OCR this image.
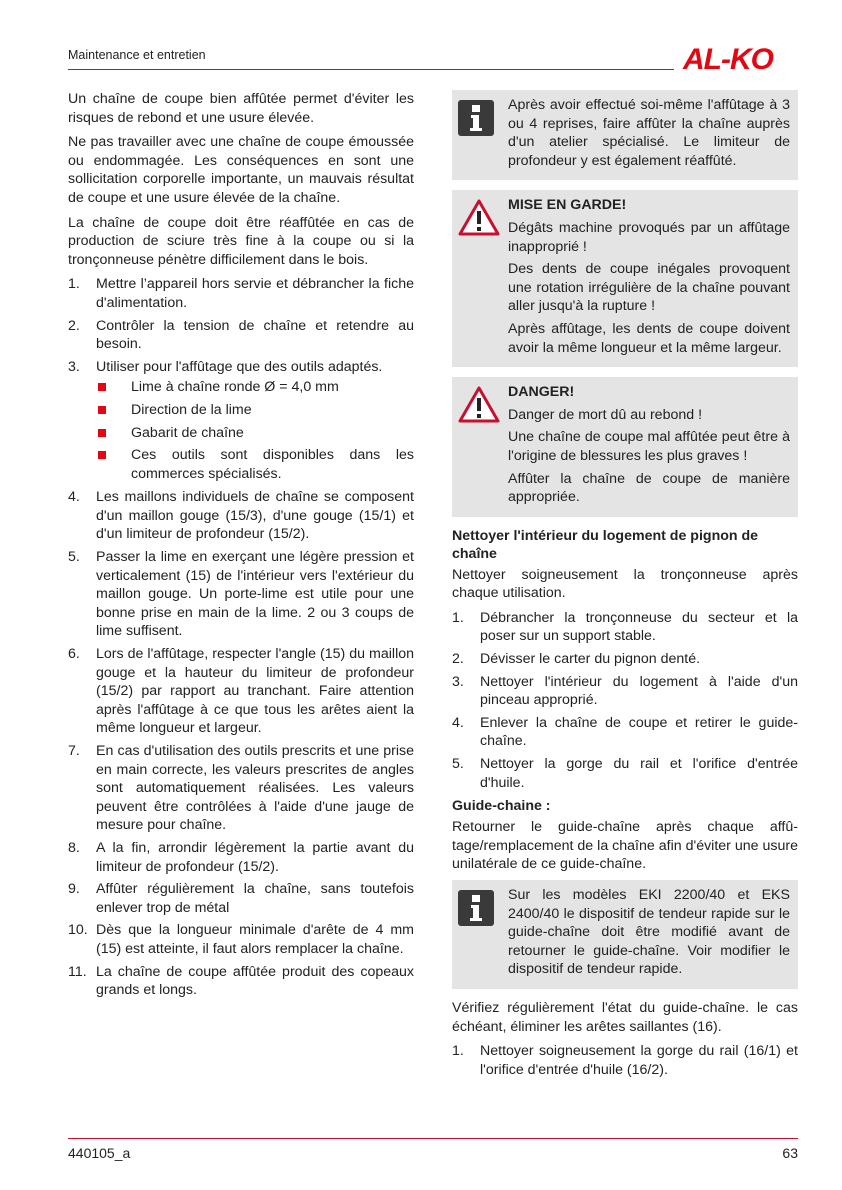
Maintenance et entretien	AL-KO

Un chaîne de coupe bien affûtée permet d'éviter les risques de rebond et une usure élevée.

Ne pas travailler avec une chaîne de coupe émoussée ou endommagée. Les conséquences en sont une sollicitation corporelle importante, un mauvais résultat de coupe et une usure élevée de la chaîne.

La chaîne de coupe doit être réaffûtée en cas de production de sciure très fine à la coupe ou si la tronçonneuse pénètre difficilement dans le bois.

1. Mettre l’appareil hors servie et débrancher la fiche d'alimentation.
2. Contrôler la tension de chaîne et retendre au besoin.
3. Utiliser pour l'affûtage que des outils adaptés.
Lime à chaîne ronde Ø = 4,0 mm
Direction de la lime
Gabarit de chaîne
Ces outils sont disponibles dans les commerces spécialisés.
4. Les maillons individuels de chaîne se composent d'un maillon gouge (15/3), d'une gouge (15/1) et d'un limiteur de profondeur (15/2).
5. Passer la lime en exerçant une légère pression et verticalement (15) de l'intérieur vers l'extérieur du maillon gouge. Un porte-lime est utile pour une bonne prise en main de la lime. 2 ou 3 coups de lime suffisent.
6. Lors de l'affûtage, respecter l'angle (15) du maillon gouge et la hauteur du limiteur de profondeur (15/2) par rapport au tranchant. Faire attention après l'affûtage à ce que tous les arêtes aient la même longueur et largeur.
7. En cas d'utilisation des outils prescrits et une prise en main correcte, les valeurs prescrites de angles sont automatiquement réalisées. Les valeurs peuvent être contrôlées à l'aide d'une jauge de mesure pour chaîne.
8. A la fin, arrondir légèrement la partie avant du limiteur de profondeur (15/2).
9. Affûter régulièrement la chaîne, sans toutefois enlever trop de métal
10. Dès que la longueur minimale d'arête de 4 mm (15) est atteinte, il faut alors remplacer la chaîne.
11. La chaîne de coupe affûtée produit des copeaux grands et longs.

Après avoir effectué soi-même l'affûtage à 3 ou 4 reprises, faire affûter la chaîne auprès d'un atelier spécialisé. Le limiteur de profondeur y est également réaffûté.

MISE EN GARDE!

Dégâts machine provoqués par un affûtage inapproprié !

Des dents de coupe inégales provoquent une rotation irrégulière de la chaîne pouvant aller jusqu'à la rupture !

Après affûtage, les dents de coupe doivent avoir la même longueur et la même largeur.

DANGER!

Danger de mort dû au rebond !

Une chaîne de coupe mal affûtée peut être à l'origine de blessures les plus graves !

Affûter la chaîne de coupe de manière appropriée.

Nettoyer l'intérieur du logement de pignon de chaîne

Nettoyer soigneusement la tronçonneuse après chaque utilisation.

1. Débrancher la tronçonneuse du secteur et la poser sur un support stable.
2. Dévisser le carter du pignon denté.
3. Nettoyer l'intérieur du logement à l'aide d'un pinceau approprié.
4. Enlever la chaîne de coupe et retirer le guide-chaîne.
5. Nettoyer la gorge du rail et l'orifice d'entrée d'huile.
Guide-chaine :

Retourner le guide-chaîne après chaque affûtage/remplacement de la chaîne afin d'éviter une usure unilatérale de ce guide-chaîne.

Sur les modèles EKI 2200/40 et EKS 2400/40 le dispositif de tendeur rapide sur le guide-chaîne doit être modifié avant de retourner le guide-chaîne. Voir modifier le dispositif de tendeur rapide.

Vérifiez régulièrement l'état du guide-chaîne. le cas échéant, éliminer les arêtes saillantes (16).

1. Nettoyer soigneusement la gorge du rail (16/1) et l'orifice d'entrée d'huile (16/2).
440105_a	63
